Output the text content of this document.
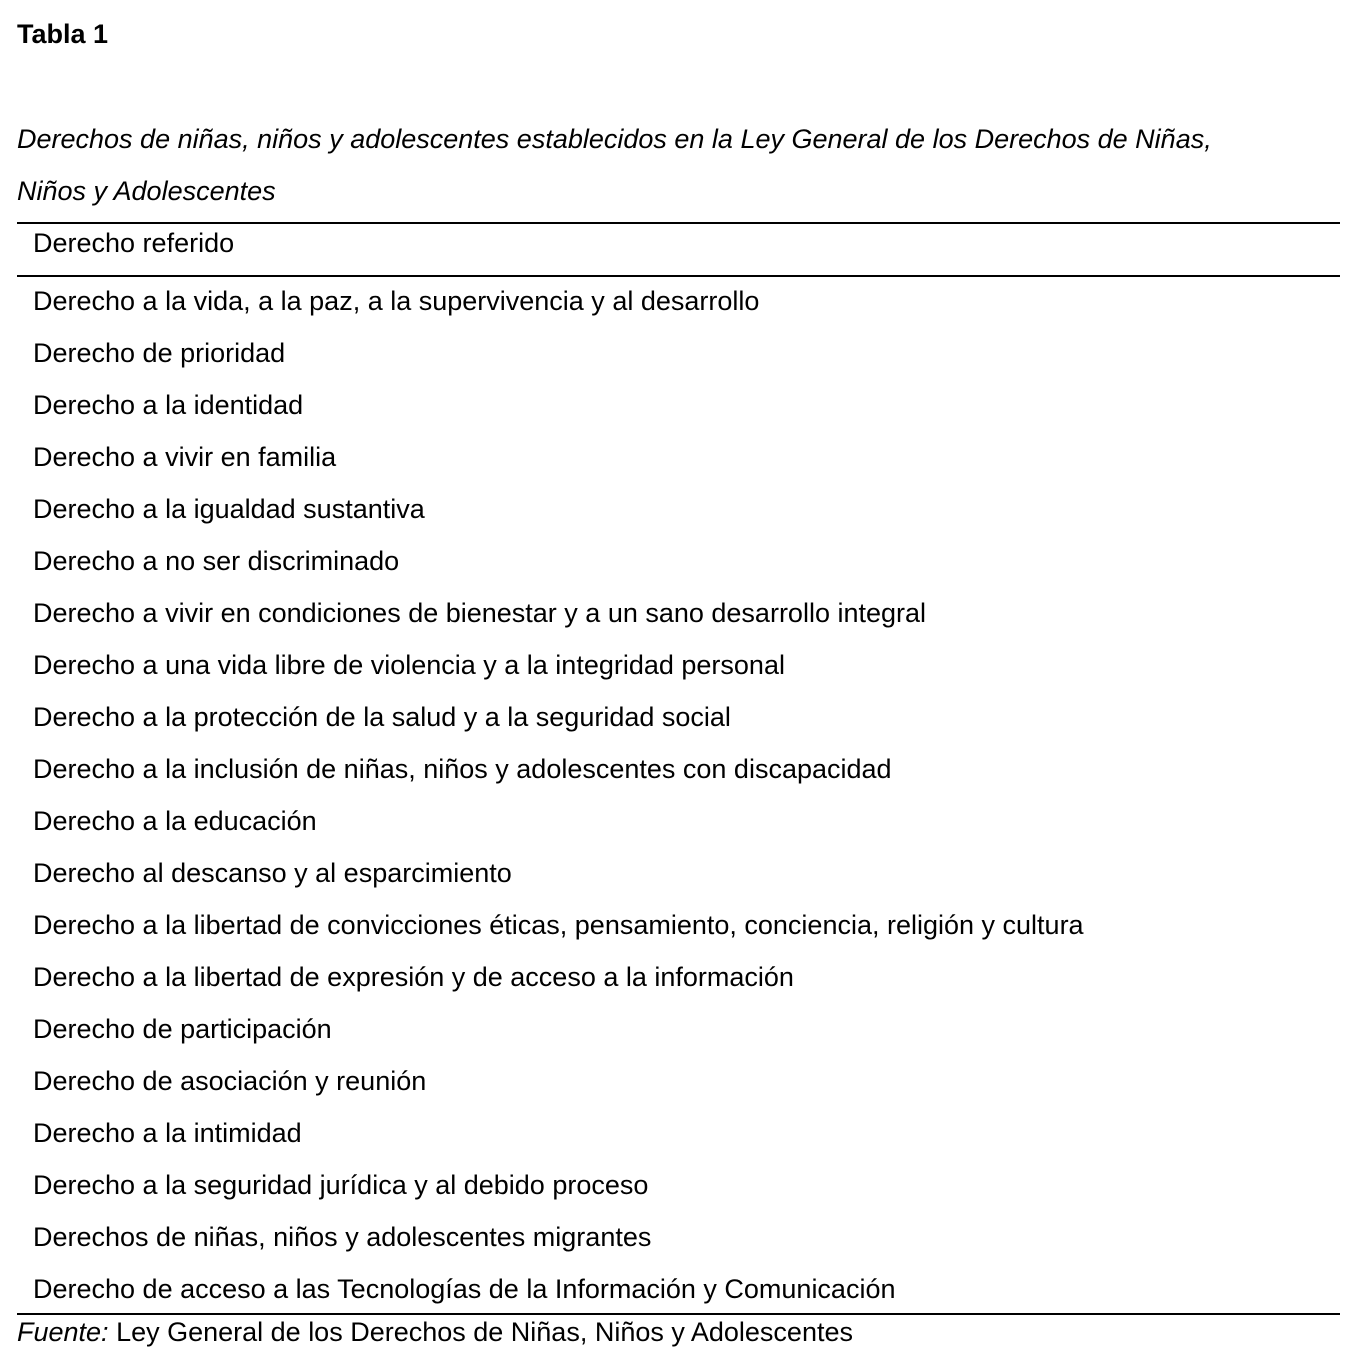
Tabla 1

Derechos de niñas, niños y adolescentes establecidos en la Ley General de los Derechos de Niñas,
Niños y Adolescentes

Derecho referido
Derecho a la vida, a la paz, a la supervivencia y al desarrollo
Derecho de prioridad
Derecho a la identidad
Derecho a vivir en familia
Derecho a la igualdad sustantiva
Derecho a no ser discriminado
Derecho a vivir en condiciones de bienestar y a un sano desarrollo integral
Derecho a una vida libre de violencia y a la integridad personal
Derecho a la protección de la salud y a la seguridad social
Derecho a la inclusión de niñas, niños y adolescentes con discapacidad
Derecho a la educación
Derecho al descanso y al esparcimiento
Derecho a la libertad de convicciones éticas, pensamiento, conciencia, religión y cultura
Derecho a la libertad de expresión y de acceso a la información
Derecho de participación
Derecho de asociación y reunión
Derecho a la intimidad
Derecho a la seguridad jurídica y al debido proceso
Derechos de niñas, niños y adolescentes migrantes
Derecho de acceso a las Tecnologías de la Información y Comunicación

Fuente: Ley General de los Derechos de Niñas, Niños y Adolescentes
